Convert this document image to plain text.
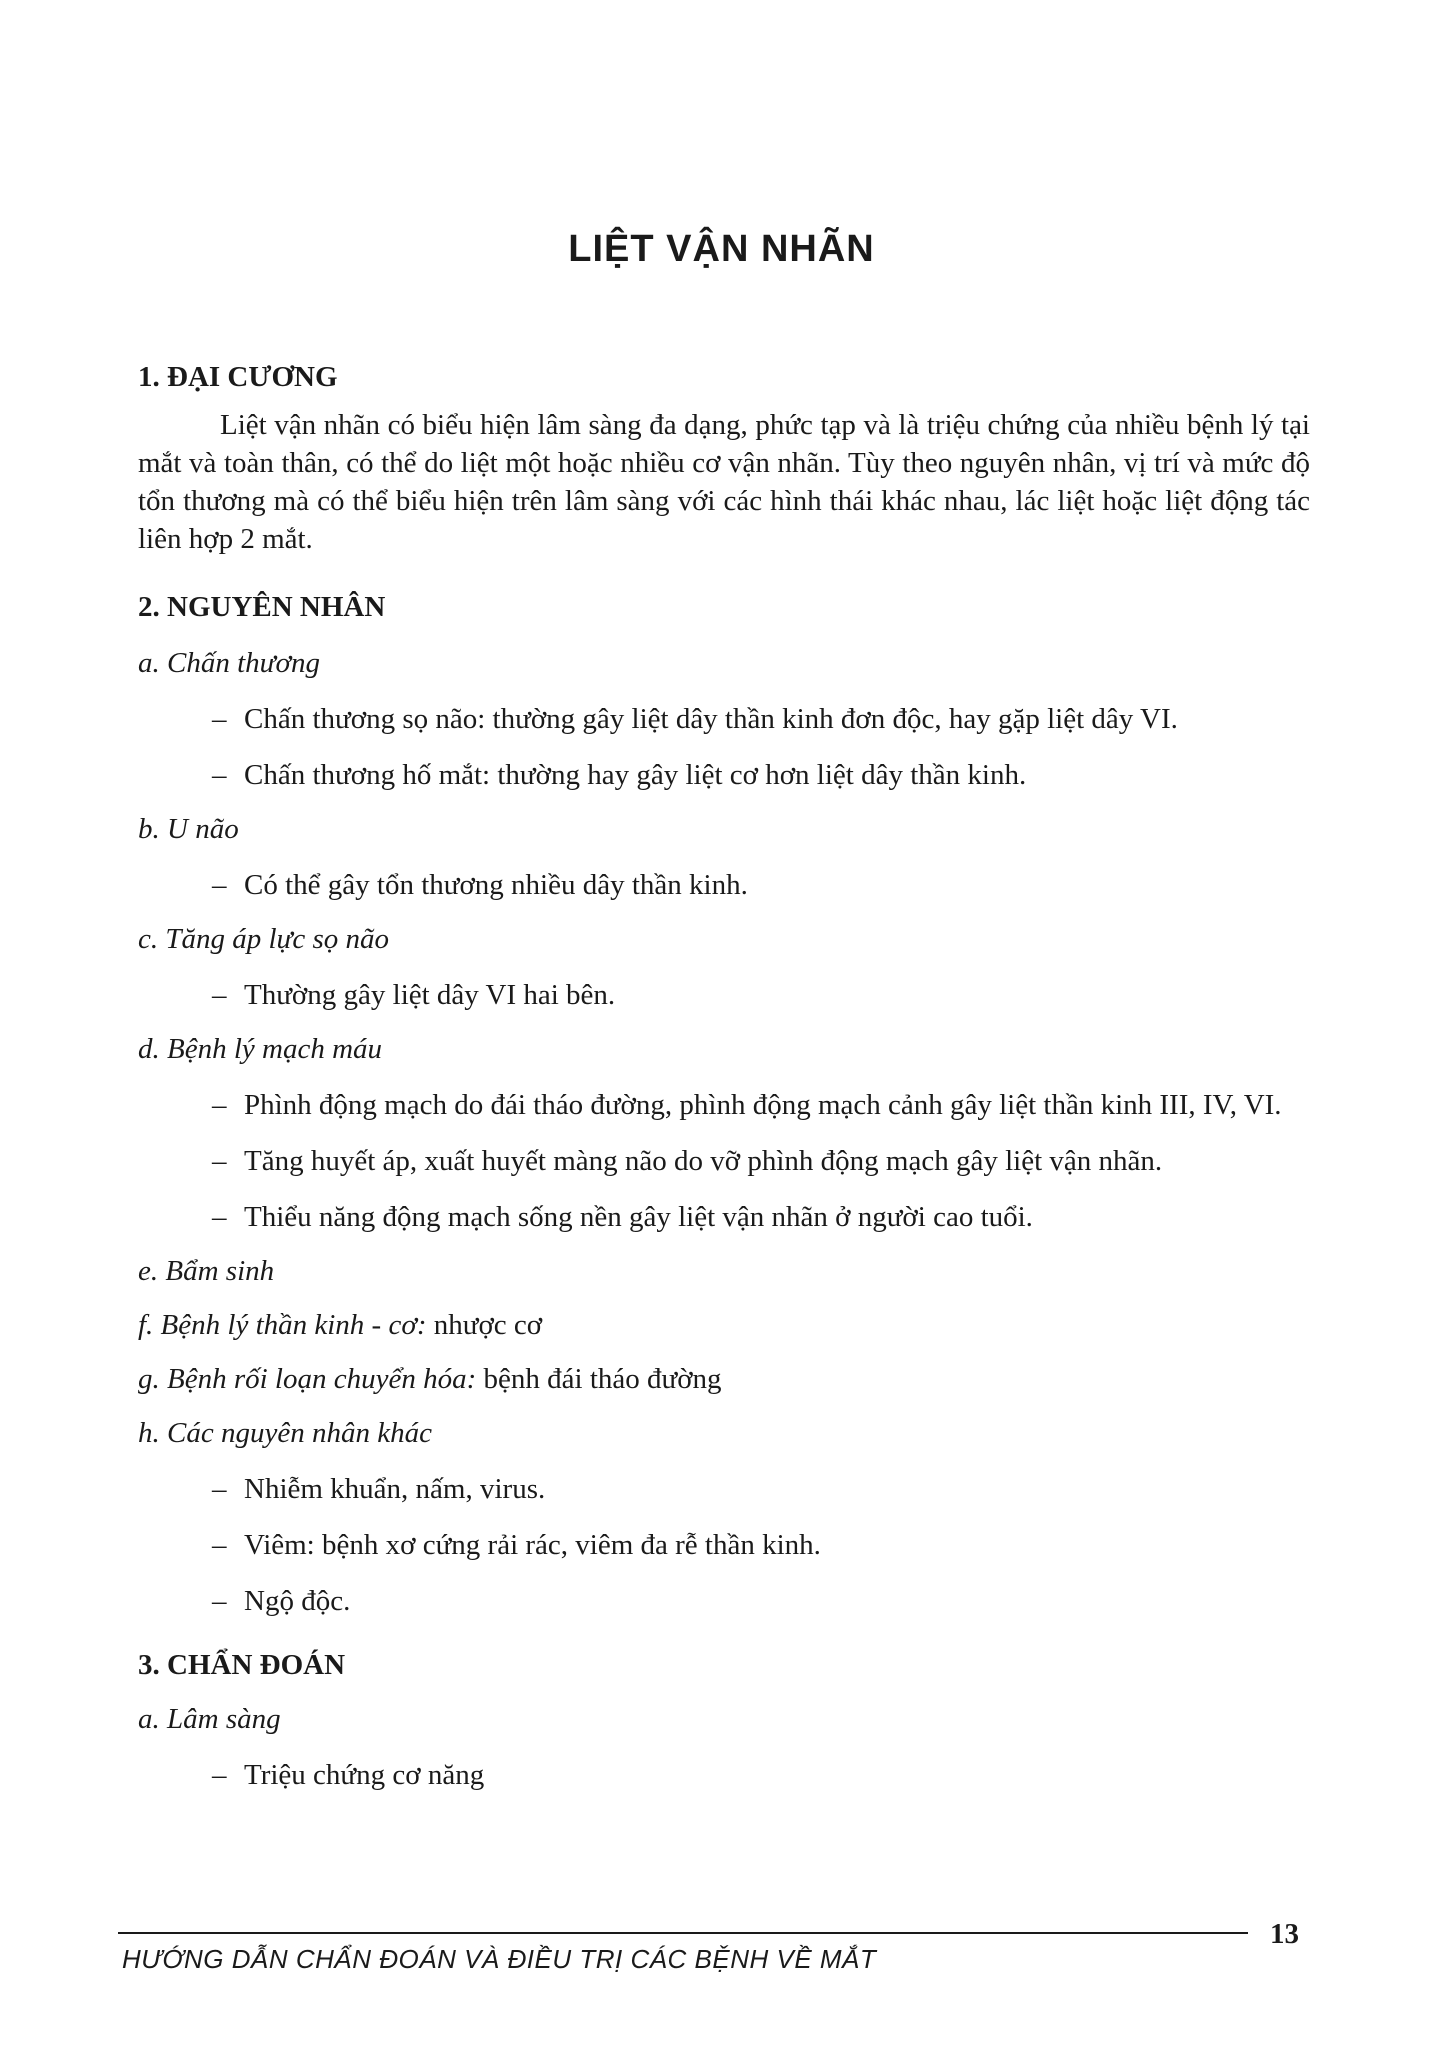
LIỆT VẬN NHÃN

1. ĐẠI CƯƠNG

Liệt vận nhãn có biểu hiện lâm sàng đa dạng, phức tạp và là triệu chứng của nhiều bệnh lý tại mắt và toàn thân, có thể do liệt một hoặc nhiều cơ vận nhãn. Tùy theo nguyên nhân, vị trí và mức độ tổn thương mà có thể biểu hiện trên lâm sàng với các hình thái khác nhau, lác liệt hoặc liệt động tác liên hợp 2 mắt.

2. NGUYÊN NHÂN

a. Chấn thương

– Chấn thương sọ não: thường gây liệt dây thần kinh đơn độc, hay gặp liệt dây VI.

– Chấn thương hố mắt: thường hay gây liệt cơ hơn liệt dây thần kinh.

b. U não

– Có thể gây tổn thương nhiều dây thần kinh.

c. Tăng áp lực sọ não

– Thường gây liệt dây VI hai bên.

d. Bệnh lý mạch máu

– Phình động mạch do đái tháo đường, phình động mạch cảnh gây liệt thần kinh III, IV, VI.

– Tăng huyết áp, xuất huyết màng não do vỡ phình động mạch gây liệt vận nhãn.

– Thiểu năng động mạch sống nền gây liệt vận nhãn ở người cao tuổi.

e. Bẩm sinh

f. Bệnh lý thần kinh - cơ: nhược cơ

g. Bệnh rối loạn chuyển hóa: bệnh đái tháo đường

h. Các nguyên nhân khác

– Nhiễm khuẩn, nấm, virus.

– Viêm: bệnh xơ cứng rải rác, viêm đa rễ thần kinh.

– Ngộ độc.

3. CHẨN ĐOÁN

a. Lâm sàng

– Triệu chứng cơ năng

13
HƯỚNG DẪN CHẨN ĐOÁN VÀ ĐIỀU TRỊ CÁC BỆNH VỀ MẮT
